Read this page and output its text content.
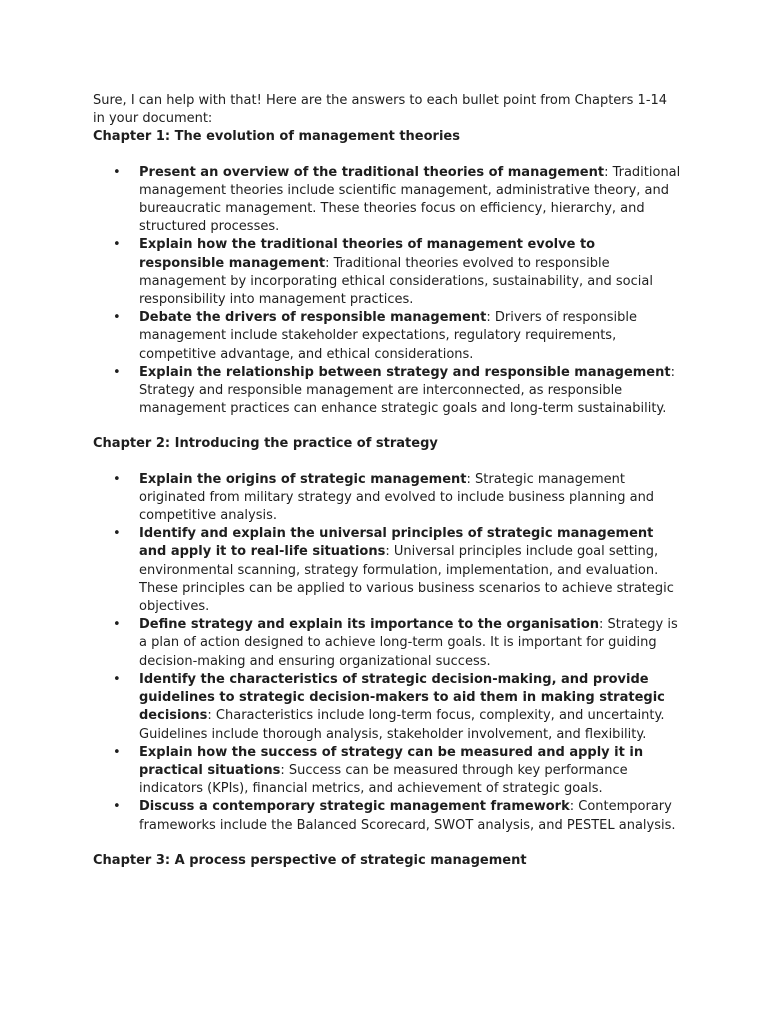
Sure, I can help with that! Here are the answers to each bullet point from Chapters 1-14 in your document:

Chapter 1: The evolution of management theories

• Present an overview of the traditional theories of management: Traditional management theories include scientific management, administrative theory, and bureaucratic management. These theories focus on efficiency, hierarchy, and structured processes.
• Explain how the traditional theories of management evolve to responsible management: Traditional theories evolved to responsible management by incorporating ethical considerations, sustainability, and social responsibility into management practices.
• Debate the drivers of responsible management: Drivers of responsible management include stakeholder expectations, regulatory requirements, competitive advantage, and ethical considerations.
• Explain the relationship between strategy and responsible management: Strategy and responsible management are interconnected, as responsible management practices can enhance strategic goals and long-term sustainability.

Chapter 2: Introducing the practice of strategy

• Explain the origins of strategic management: Strategic management originated from military strategy and evolved to include business planning and competitive analysis.
• Identify and explain the universal principles of strategic management and apply it to real-life situations: Universal principles include goal setting, environmental scanning, strategy formulation, implementation, and evaluation. These principles can be applied to various business scenarios to achieve strategic objectives.
• Define strategy and explain its importance to the organisation: Strategy is a plan of action designed to achieve long-term goals. It is important for guiding decision-making and ensuring organizational success.
• Identify the characteristics of strategic decision-making, and provide guidelines to strategic decision-makers to aid them in making strategic decisions: Characteristics include long-term focus, complexity, and uncertainty. Guidelines include thorough analysis, stakeholder involvement, and flexibility.
• Explain how the success of strategy can be measured and apply it in practical situations: Success can be measured through key performance indicators (KPIs), financial metrics, and achievement of strategic goals.
• Discuss a contemporary strategic management framework: Contemporary frameworks include the Balanced Scorecard, SWOT analysis, and PESTEL analysis.

Chapter 3: A process perspective of strategic management
